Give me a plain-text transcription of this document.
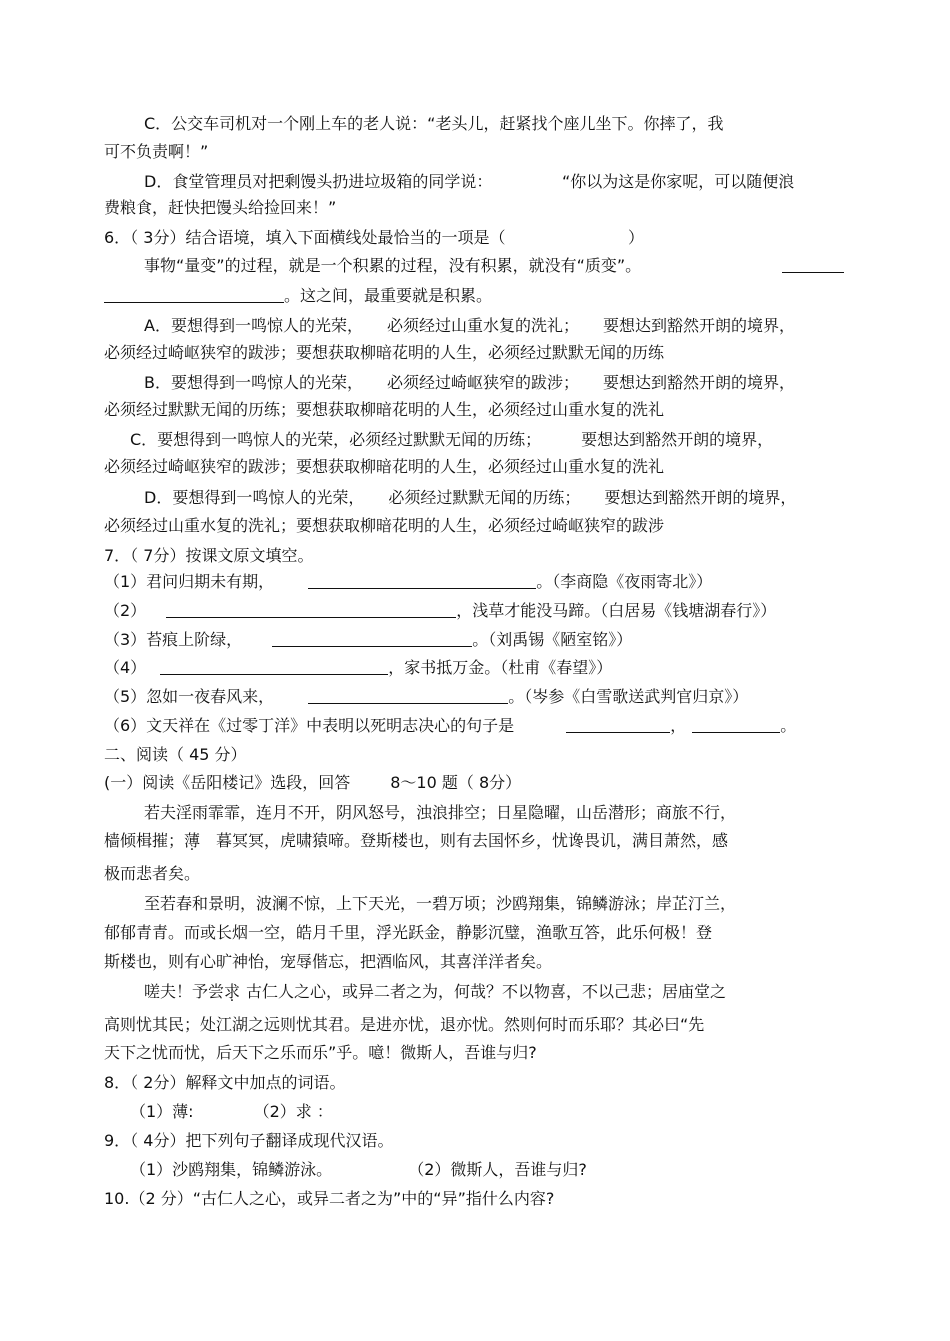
C．公交车司机对一个刚上车的老人说：“老头儿，赶紧找个座儿坐下。你摔了，我
可不负责啊！”
D．食堂管理员对把剩馒头扔进垃圾箱的同学说：	“你以为这是你家呢，可以随便浪
费粮食，赶快把馒头给捡回来！”
6．（ 3分）结合语境，填入下面横线处最恰当的一项是（	）
事物“量变”的过程，就是一个积累的过程，没有积累，就没有“质变”。
。这之间，最重要就是积累。
A．要想得到一鸣惊人的光荣，　　必须经过山重水复的洗礼；　　要想达到豁然开朗的境界，
必须经过崎岖狭窄的跋涉；要想获取柳暗花明的人生，必须经过默默无闻的历练
B．要想得到一鸣惊人的光荣，　　必须经过崎岖狭窄的跋涉；　　要想达到豁然开朗的境界，
必须经过默默无闻的历练；要想获取柳暗花明的人生，必须经过山重水复的洗礼
C．要想得到一鸣惊人的光荣，必须经过默默无闻的历练；　　　要想达到豁然开朗的境界，
必须经过崎岖狭窄的跋涉；要想获取柳暗花明的人生，必须经过山重水复的洗礼
D．要想得到一鸣惊人的光荣，　　必须经过默默无闻的历练；　　要想达到豁然开朗的境界，
必须经过山重水复的洗礼；要想获取柳暗花明的人生，必须经过崎岖狭窄的跋涉
7．（ 7分）按课文原文填空。
（1）君问归期未有期，	。（李商隐《夜雨寄北》）
（2）	，浅草才能没马蹄。（白居易《钱塘湖春行》）
（3）苔痕上阶绿，	。（刘禹锡《陋室铭》）
（4）	，家书抵万金。（杜甫《春望》）
（5）忽如一夜春风来，	。（岑参《白雪歌送武判官归京》）
（6）文天祥在《过零丁洋》中表明以死明志决心的句子是	，	。
二、阅读（ 45 分）
(一）阅读《岳阳楼记》选段，回答	8～10 题（ 8分）
若夫淫雨霏霏，连月不开，阴风怒号，浊浪排空；日星隐曜，山岳潜形；商旅不行，
樯倾楫摧；薄　暮冥冥，虎啸猿啼。登斯楼也，则有去国怀乡，忧谗畏讥，满目萧然，感
极而悲者矣。
至若春和景明，波澜不惊，上下天光，一碧万顷；沙鸥翔集，锦鳞游泳；岸芷汀兰，
郁郁青青。而或长烟一空，皓月千里，浮光跃金，静影沉璧，渔歌互答，此乐何极！登
斯楼也，则有心旷神怡，宠辱偕忘，把酒临风，其喜洋洋者矣。
嗟夫！予尝求 古仁人之心，或异二者之为，何哉？不以物喜，不以己悲；居庙堂之
高则忧其民；处江湖之远则忧其君。是进亦忧，退亦忧。然则何时而乐耶？其必曰“先
天下之忧而忧，后天下之乐而乐”乎。噫！微斯人，吾谁与归?
8．（ 2分）解释文中加点的词语。
（1）薄:	（2）求 ：
9．（ 4分）把下列句子翻译成现代汉语。
（1）沙鸥翔集，锦鳞游泳。	（2）微斯人，吾谁与归?
10.（2 分）“古仁人之心，或异二者之为”中的“异”指什么内容?
